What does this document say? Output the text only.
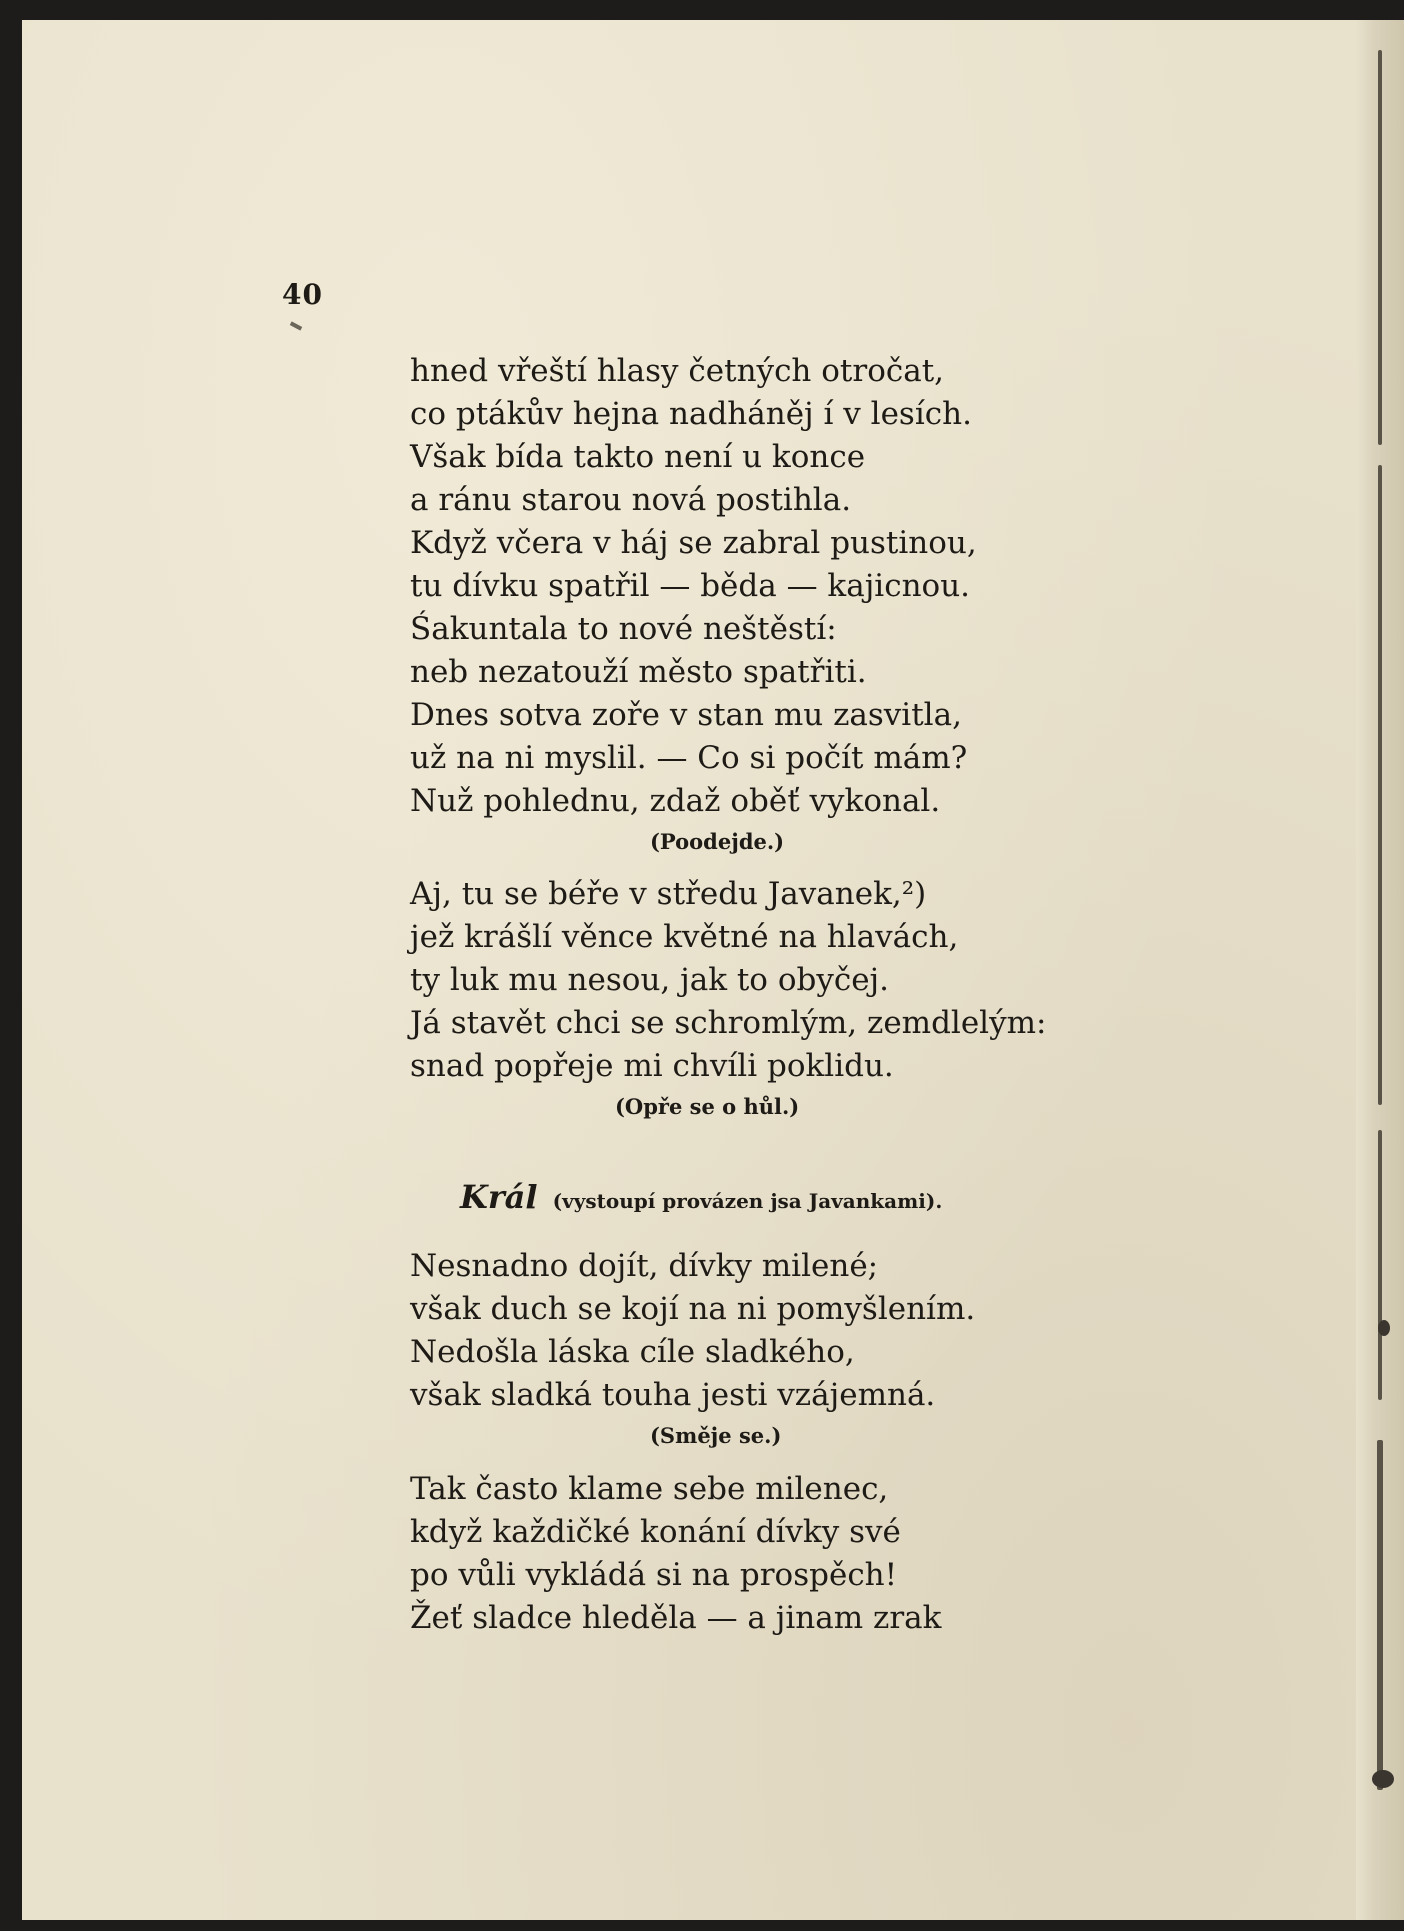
40
hned vřeští hlasy četných otročat,
co ptákův hejna nadháněj í v lesích.
Však bída takto není u konce
a ránu starou nová postihla.
Když včera v háj se zabral pustinou,
tu dívku spatřil — běda — kajicnou.
Śakuntala to nové neštěstí:
neb nezatouží město spatřiti.
Dnes sotva zoře v stan mu zasvitla,
už na ni myslil. — Co si počít mám?
Nuž pohlednu, zdaž oběť vykonal.
(Poodejde.)
Aj, tu se béře v středu Javanek,²)
jež krášlí věnce květné na hlavách,
ty luk mu nesou, jak to obyčej.
Já stavět chci se schromlým, zemdlelým:
snad popřeje mi chvíli poklidu.
(Opře se o hůl.)
Král (vystoupí provázen jsa Javankami).
Nesnadno dojít, dívky milené;
však duch se kojí na ni pomyšlením.
Nedošla láska cíle sladkého,
však sladká touha jesti vzájemná.
(Směje se.)
Tak často klame sebe milenec,
když každičké konání dívky své
po vůli vykládá si na prospěch!
Žeť sladce hleděla — a jinam zrak
